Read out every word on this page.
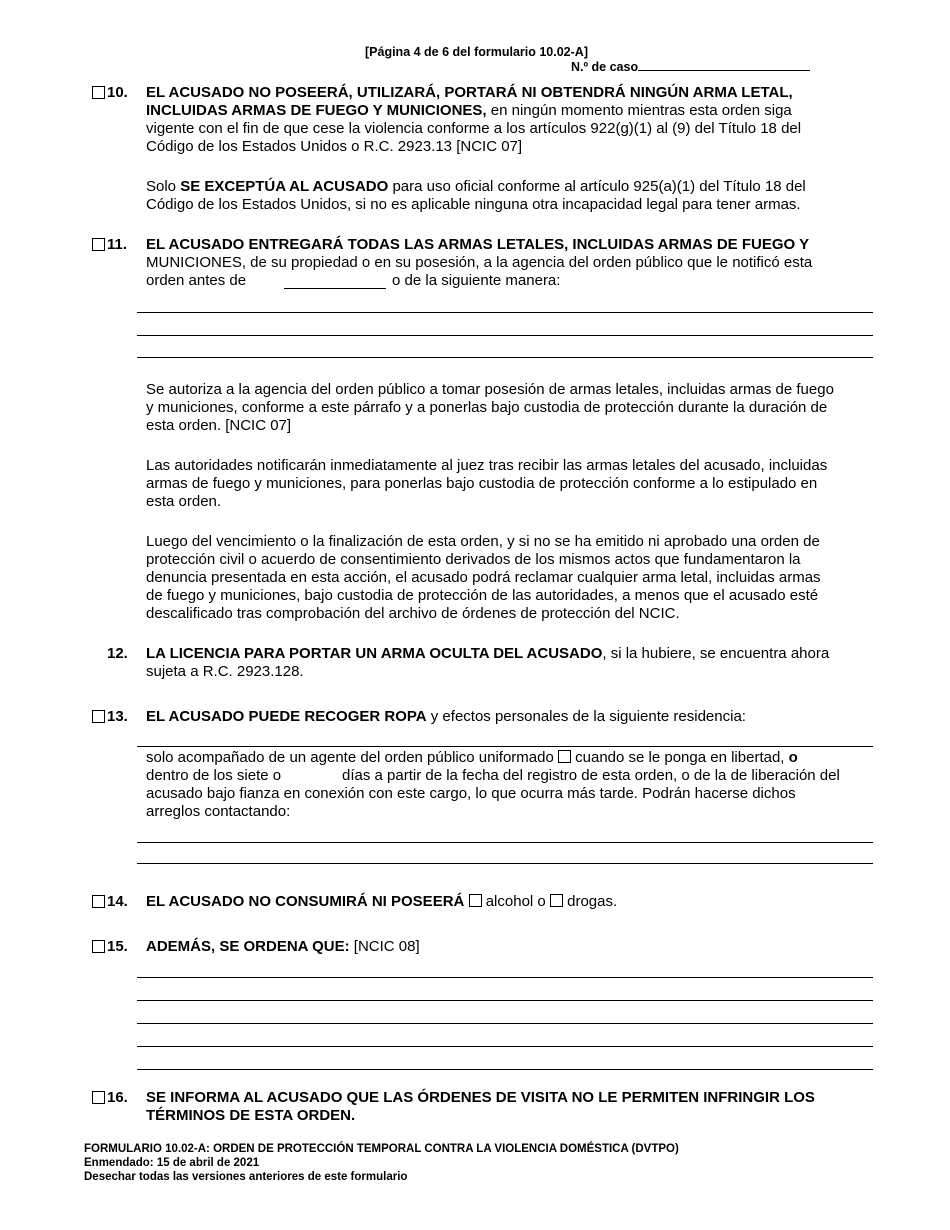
[Página 4 de 6 del formulario 10.02-A]
N.º de caso
10. EL ACUSADO NO POSEERÁ, UTILIZARÁ, PORTARÁ NI OBTENDRÁ NINGÚN ARMA LETAL,
INCLUIDAS ARMAS DE FUEGO Y MUNICIONES, en ningún momento mientras esta orden siga
vigente con el fin de que cese la violencia conforme a los artículos 922(g)(1) al (9) del Título 18 del
Código de los Estados Unidos o R.C. 2923.13 [NCIC 07]
Solo SE EXCEPTÚA AL ACUSADO para uso oficial conforme al artículo 925(a)(1) del Título 18 del
Código de los Estados Unidos, si no es aplicable ninguna otra incapacidad legal para tener armas.
11. EL ACUSADO ENTREGARÁ TODAS LAS ARMAS LETALES, INCLUIDAS ARMAS DE FUEGO Y
MUNICIONES, de su propiedad o en su posesión, a la agencia del orden público que le notificó esta
orden antes de	o de la siguiente manera:
Se autoriza a la agencia del orden público a tomar posesión de armas letales, incluidas armas de fuego
y municiones, conforme a este párrafo y a ponerlas bajo custodia de protección durante la duración de
esta orden. [NCIC 07]
Las autoridades notificarán inmediatamente al juez tras recibir las armas letales del acusado, incluidas
armas de fuego y municiones, para ponerlas bajo custodia de protección conforme a lo estipulado en
esta orden.
Luego del vencimiento o la finalización de esta orden, y si no se ha emitido ni aprobado una orden de
protección civil o acuerdo de consentimiento derivados de los mismos actos que fundamentaron la
denuncia presentada en esta acción, el acusado podrá reclamar cualquier arma letal, incluidas armas
de fuego y municiones, bajo custodia de protección de las autoridades, a menos que el acusado esté
descalificado tras comprobación del archivo de órdenes de protección del NCIC.
12. LA LICENCIA PARA PORTAR UN ARMA OCULTA DEL ACUSADO, si la hubiere, se encuentra ahora
sujeta a R.C. 2923.128.
13. EL ACUSADO PUEDE RECOGER ROPA y efectos personales de la siguiente residencia:
solo acompañado de un agente del orden público uniformado  cuando se le ponga en libertad, o
dentro de los siete o	días a partir de la fecha del registro de esta orden, o de la de liberación del
acusado bajo fianza en conexión con este cargo, lo que ocurra más tarde. Podrán hacerse dichos
arreglos contactando:
14. EL ACUSADO NO CONSUMIRÁ NI POSEERÁ  alcohol o  drogas.
15. ADEMÁS, SE ORDENA QUE: [NCIC 08]
16. SE INFORMA AL ACUSADO QUE LAS ÓRDENES DE VISITA NO LE PERMITEN INFRINGIR LOS
TÉRMINOS DE ESTA ORDEN.
FORMULARIO 10.02-A: ORDEN DE PROTECCIÓN TEMPORAL CONTRA LA VIOLENCIA DOMÉSTICA (DVTPO)
Enmendado: 15 de abril de 2021
Desechar todas las versiones anteriores de este formulario
